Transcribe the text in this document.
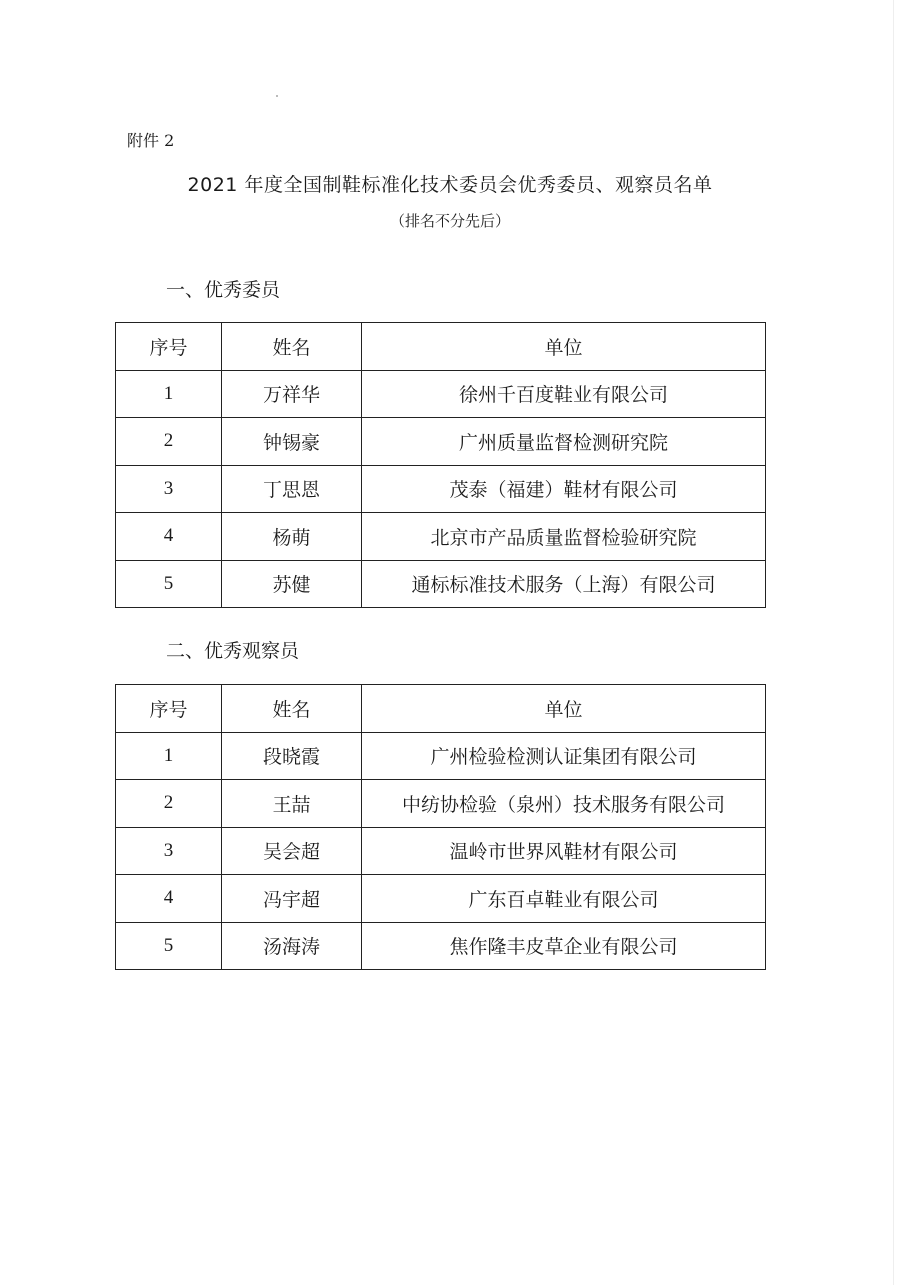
附件 2
2021 年度全国制鞋标准化技术委员会优秀委员、观察员名单
（排名不分先后）
一、优秀委员
序号	姓名	单位
1	万祥华	徐州千百度鞋业有限公司
2	钟锡豪	广州质量监督检测研究院
3	丁思恩	茂泰（福建）鞋材有限公司
4	杨萌	北京市产品质量监督检验研究院
5	苏健	通标标准技术服务（上海）有限公司
二、优秀观察员
序号	姓名	单位
1	段晓霞	广州检验检测认证集团有限公司
2	王喆	中纺协检验（泉州）技术服务有限公司
3	吴会超	温岭市世界风鞋材有限公司
4	冯宇超	广东百卓鞋业有限公司
5	汤海涛	焦作隆丰皮草企业有限公司
